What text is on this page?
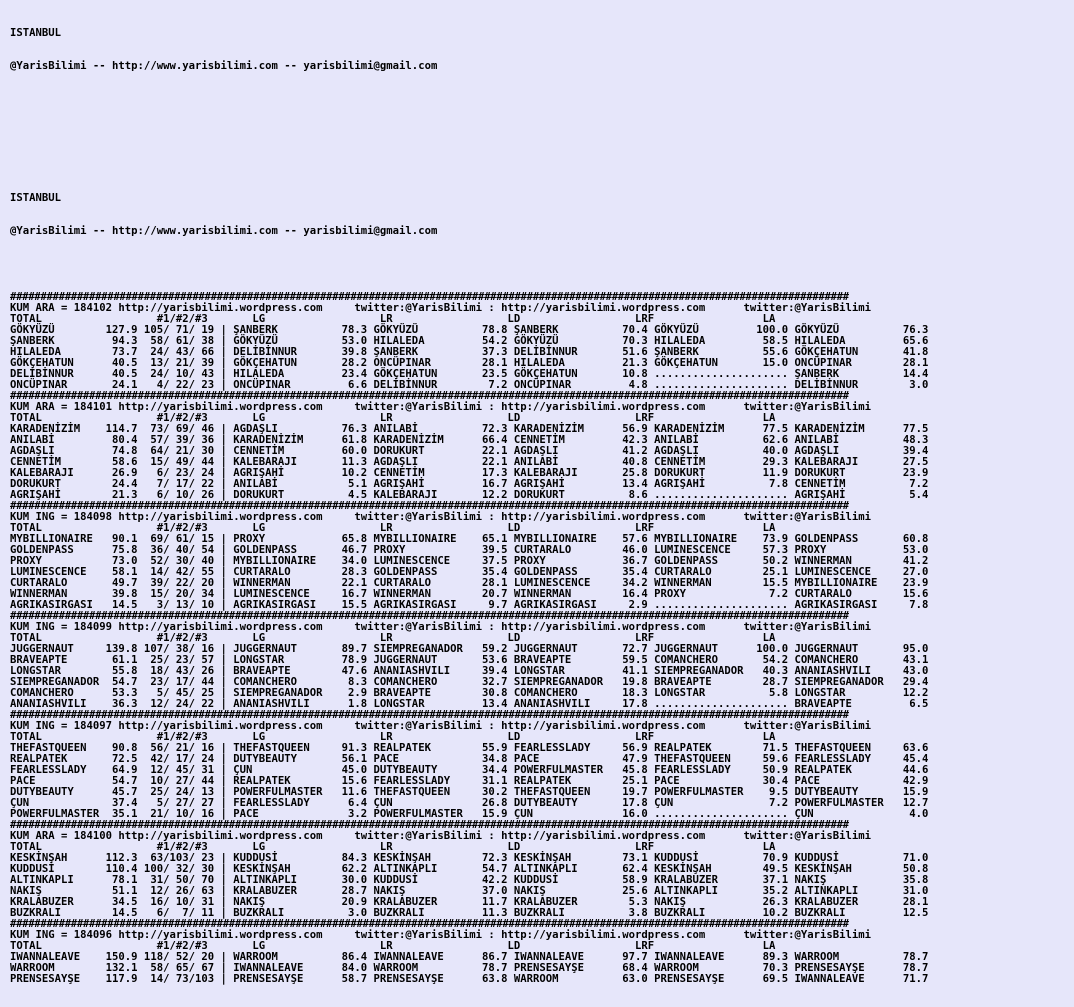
ISTANBUL

@YarisBilimi -- http://www.yarisbilimi.com -- yarisbilimi@gmail.com

ISTANBUL

@YarisBilimi -- http://www.yarisbilimi.com -- yarisbilimi@gmail.com

##########################################################################################################################################
KUM ARA = 184102 http://yarisbilimi.wordpress.com     twitter:@YarisBilimi : http://yarisbilimi.wordpress.com      twitter:@YarisBilimi
TOTAL                  #1/#2/#3       LG                  LR                  LD                  LRF                 LA
GÖKYÜZÜ        127.9 105/ 71/ 19 | ŞANBERK          78.3 GÖKYÜZÜ          78.8 ŞANBERK          70.4 GÖKYÜZÜ         100.0 GÖKYÜZÜ          76.3
ŞANBERK         94.3  58/ 61/ 38 | GÖKYÜZÜ          53.0 HILALEDA         54.2 GÖKYÜZÜ          70.3 HILALEDA         58.5 HILALEDA         65.6
HILALEDA        73.7  24/ 43/ 66 | DELİBİNNUR       39.8 ŞANBERK          37.3 DELİBİNNUR       51.6 ŞANBERK          55.6 GÖKÇEHATUN       41.8
GÖKÇEHATUN      40.5  13/ 21/ 39 | GÖKÇEHATUN       28.2 ONCÜPINAR        28.1 HILALEDA         21.3 GÖKÇEHATUN       15.0 ONCÜPINAR        28.1
DELİBİNNUR      40.5  24/ 10/ 43 | HILALEDA         23.4 GÖKÇEHATUN       23.5 GÖKÇEHATUN       10.8 ..................... ŞANBERK          14.4
ONCÜPINAR       24.1   4/ 22/ 23 | ONCÜPINAR         6.6 DELİBİNNUR        7.2 ONCÜPINAR         4.8 ..................... DELİBİNNUR        3.0
##########################################################################################################################################
KUM ARA = 184101 http://yarisbilimi.wordpress.com     twitter:@YarisBilimi : http://yarisbilimi.wordpress.com      twitter:@YarisBilimi
TOTAL                  #1/#2/#3       LG                  LR                  LD                  LRF                 LA
KARADENİZİM    114.7  73/ 69/ 46 | AGDAŞLI          76.3 ANILABİ          72.3 KARADENİZİM      56.9 KARADENİZİM      77.5 KARADENİZİM      77.5
ANILABİ         80.4  57/ 39/ 36 | KARADENİZİM      61.8 KARADENİZİM      66.4 CENNETİM         42.3 ANILABİ          62.6 ANILABİ          48.3
AGDAŞLI         74.8  64/ 21/ 30 | CENNETİM         60.0 DORUKURT         22.1 AGDAŞLI          41.2 AGDAŞLI          40.0 AGDAŞLI          39.4
CENNETİM        58.6  15/ 49/ 44 | KALEBARAJI       11.3 AGDAŞLI          22.1 ANILABİ          40.8 CENNETİM         29.3 KALEBARAJI       27.5
KALEBARAJI      26.9   6/ 23/ 24 | AGRIŞAHİ         10.2 CENNETİM         17.3 KALEBARAJI       25.8 DORUKURT         11.9 DORUKURT         23.9
DORUKURT        24.4   7/ 17/ 22 | ANILABİ           5.1 AGRIŞAHİ         16.7 AGRIŞAHİ         13.4 AGRIŞAHİ          7.8 CENNETİM          7.2
AGRIŞAHİ        21.3   6/ 10/ 26 | DORUKURT          4.5 KALEBARAJI       12.2 DORUKURT          8.6 ..................... AGRIŞAHİ          5.4
##########################################################################################################################################
KUM ING = 184098 http://yarisbilimi.wordpress.com     twitter:@YarisBilimi : http://yarisbilimi.wordpress.com      twitter:@YarisBilimi
TOTAL                  #1/#2/#3       LG                  LR                  LD                  LRF                 LA
MYBILLIONAIRE   90.1  69/ 61/ 15 | PROXY            65.8 MYBILLIONAIRE    65.1 MYBILLIONAIRE    57.6 MYBILLIONAIRE    73.9 GOLDENPASS       60.8
GOLDENPASS      75.8  36/ 40/ 54 | GOLDENPASS       46.7 PROXY            39.5 CURTARALO        46.0 LUMINESCENCE     57.3 PROXY            53.0
PROXY           73.0  52/ 30/ 40 | MYBILLIONAIRE    34.0 LUMINESCENCE     37.5 PROXY            36.7 GOLDENPASS       50.2 WINNERMAN        41.2
LUMINESCENCE    58.1  14/ 42/ 55 | CURTARALO        28.3 GOLDENPASS       35.4 GOLDENPASS       35.4 CURTARALO        25.1 LUMINESCENCE     27.0
CURTARALO       49.7  39/ 22/ 20 | WINNERMAN        22.1 CURTARALO        28.1 LUMINESCENCE     34.2 WINNERMAN        15.5 MYBILLIONAIRE    23.9
WINNERMAN       39.8  15/ 20/ 34 | LUMINESCENCE     16.7 WINNERMAN        20.7 WINNERMAN        16.4 PROXY             7.2 CURTARALO        15.6
AGRIKASIRGASI   14.5   3/ 13/ 10 | AGRIKASIRGASI    15.5 AGRIKASIRGASI     9.7 AGRIKASIRGASI     2.9 ..................... AGRIKASIRGASI     7.8
##########################################################################################################################################
KUM ING = 184099 http://yarisbilimi.wordpress.com     twitter:@YarisBilimi : http://yarisbilimi.wordpress.com      twitter:@YarisBilimi
TOTAL                  #1/#2/#3       LG                  LR                  LD                  LRF                 LA
JUGGERNAUT     139.8 107/ 38/ 16 | JUGGERNAUT       89.7 SIEMPREGANADOR   59.2 JUGGERNAUT       72.7 JUGGERNAUT      100.0 JUGGERNAUT       95.0
BRAVEAPTE       61.1  25/ 23/ 57 | LONGSTAR         78.9 JUGGERNAUT       53.6 BRAVEAPTE        59.5 COMANCHERO       54.2 COMANCHERO       43.1
LONGSTAR        55.8  18/ 43/ 26 | BRAVEAPTE        47.6 ANANIASHVILI     39.4 LONGSTAR         41.1 SIEMPREGANADOR   40.3 ANANIASHVILI     43.0
SIEMPREGANADOR  54.7  23/ 17/ 44 | COMANCHERO        8.3 COMANCHERO       32.7 SIEMPREGANADOR   19.8 BRAVEAPTE        28.7 SIEMPREGANADOR   29.4
COMANCHERO      53.3   5/ 45/ 25 | SIEMPREGANADOR    2.9 BRAVEAPTE        30.8 COMANCHERO       18.3 LONGSTAR          5.8 LONGSTAR         12.2
ANANIASHVILI    36.3  12/ 24/ 22 | ANANIASHVILI      1.8 LONGSTAR         13.4 ANANIASHVILI     17.8 ..................... BRAVEAPTE         6.5
##########################################################################################################################################
KUM ING = 184097 http://yarisbilimi.wordpress.com     twitter:@YarisBilimi : http://yarisbilimi.wordpress.com      twitter:@YarisBilimi
TOTAL                  #1/#2/#3       LG                  LR                  LD                  LRF                 LA
THEFASTQUEEN    90.8  56/ 21/ 16 | THEFASTQUEEN     91.3 REALPATEK        55.9 FEARLESSLADY     56.9 REALPATEK        71.5 THEFASTQUEEN     63.6
REALPATEK       72.5  42/ 17/ 24 | DUTYBEAUTY       56.1 PACE             34.8 PACE             47.9 THEFASTQUEEN     59.6 FEARLESSLADY     45.4
FEARLESSLADY    64.9  12/ 45/ 31 | ÇUN              45.0 DUTYBEAUTY       34.4 POWERFULMASTER   45.8 FEARLESSLADY     50.9 REALPATEK        44.6
PACE            54.7  10/ 27/ 44 | REALPATEK        15.6 FEARLESSLADY     31.1 REALPATEK        25.1 PACE             30.4 PACE             42.9
DUTYBEAUTY      45.7  25/ 24/ 13 | POWERFULMASTER   11.6 THEFASTQUEEN     30.2 THEFASTQUEEN     19.7 POWERFULMASTER    9.5 DUTYBEAUTY       15.9
ÇUN             37.4   5/ 27/ 27 | FEARLESSLADY      6.4 ÇUN              26.8 DUTYBEAUTY       17.8 ÇUN               7.2 POWERFULMASTER   12.7
POWERFULMASTER  35.1  21/ 10/ 16 | PACE              3.2 POWERFULMASTER   15.9 ÇUN              16.0 ..................... ÇUN               4.0
##########################################################################################################################################
KUM ARA = 184100 http://yarisbilimi.wordpress.com     twitter:@YarisBilimi : http://yarisbilimi.wordpress.com      twitter:@YarisBilimi
TOTAL                  #1/#2/#3       LG                  LR                  LD                  LRF                 LA
KESKİNŞAH      112.3  63/103/ 23 | KUDDUSİ          84.3 KESKİNŞAH        72.3 KESKİNŞAH        73.1 KUDDUSİ          70.9 KUDDUSİ          71.0
KUDDUSİ        110.4 100/ 32/ 30 | KESKİNŞAH        62.2 ALTINKAPLI       54.7 ALTINKAPLI       62.4 KESKİNŞAH        49.5 KESKİNŞAH        50.8
ALTINKAPLI      78.1  31/ 50/ 70 | ALTINKAPLI       30.0 KUDDUSİ          42.2 KUDDUSİ          58.9 KRALABUZER       37.1 NAKIŞ            35.8
NAKIŞ           51.1  12/ 26/ 63 | KRALABUZER       28.7 NAKIŞ            37.0 NAKIŞ            25.6 ALTINKAPLI       35.2 ALTINKAPLI       31.0
KRALABUZER      34.5  16/ 10/ 31 | NAKIŞ            20.9 KRALABUZER       11.7 KRALABUZER        5.3 NAKIŞ            26.3 KRALABUZER       28.1
BUZKRALI        14.5   6/  7/ 11 | BUZKRALI          3.0 BUZKRALI         11.3 BUZKRALI          3.8 BUZKRALI         10.2 BUZKRALI         12.5
##########################################################################################################################################
KUM ING = 184096 http://yarisbilimi.wordpress.com     twitter:@YarisBilimi : http://yarisbilimi.wordpress.com      twitter:@YarisBilimi
TOTAL                  #1/#2/#3       LG                  LR                  LD                  LRF                 LA
IWANNALEAVE    150.9 118/ 52/ 20 | WARROOM          86.4 IWANNALEAVE      86.7 IWANNALEAVE      97.7 IWANNALEAVE      89.3 WARROOM          78.7
WARROOM        132.1  58/ 65/ 67 | IWANNALEAVE      84.0 WARROOM          78.7 PRENSESAYŞE      68.4 WARROOM          70.3 PRENSESAYŞE      78.7
PRENSESAYŞE    117.9  14/ 73/103 | PRENSESAYŞE      58.7 PRENSESAYŞE      63.8 WARROOM          63.0 PRENSESAYŞE      69.5 IWANNALEAVE      71.7
